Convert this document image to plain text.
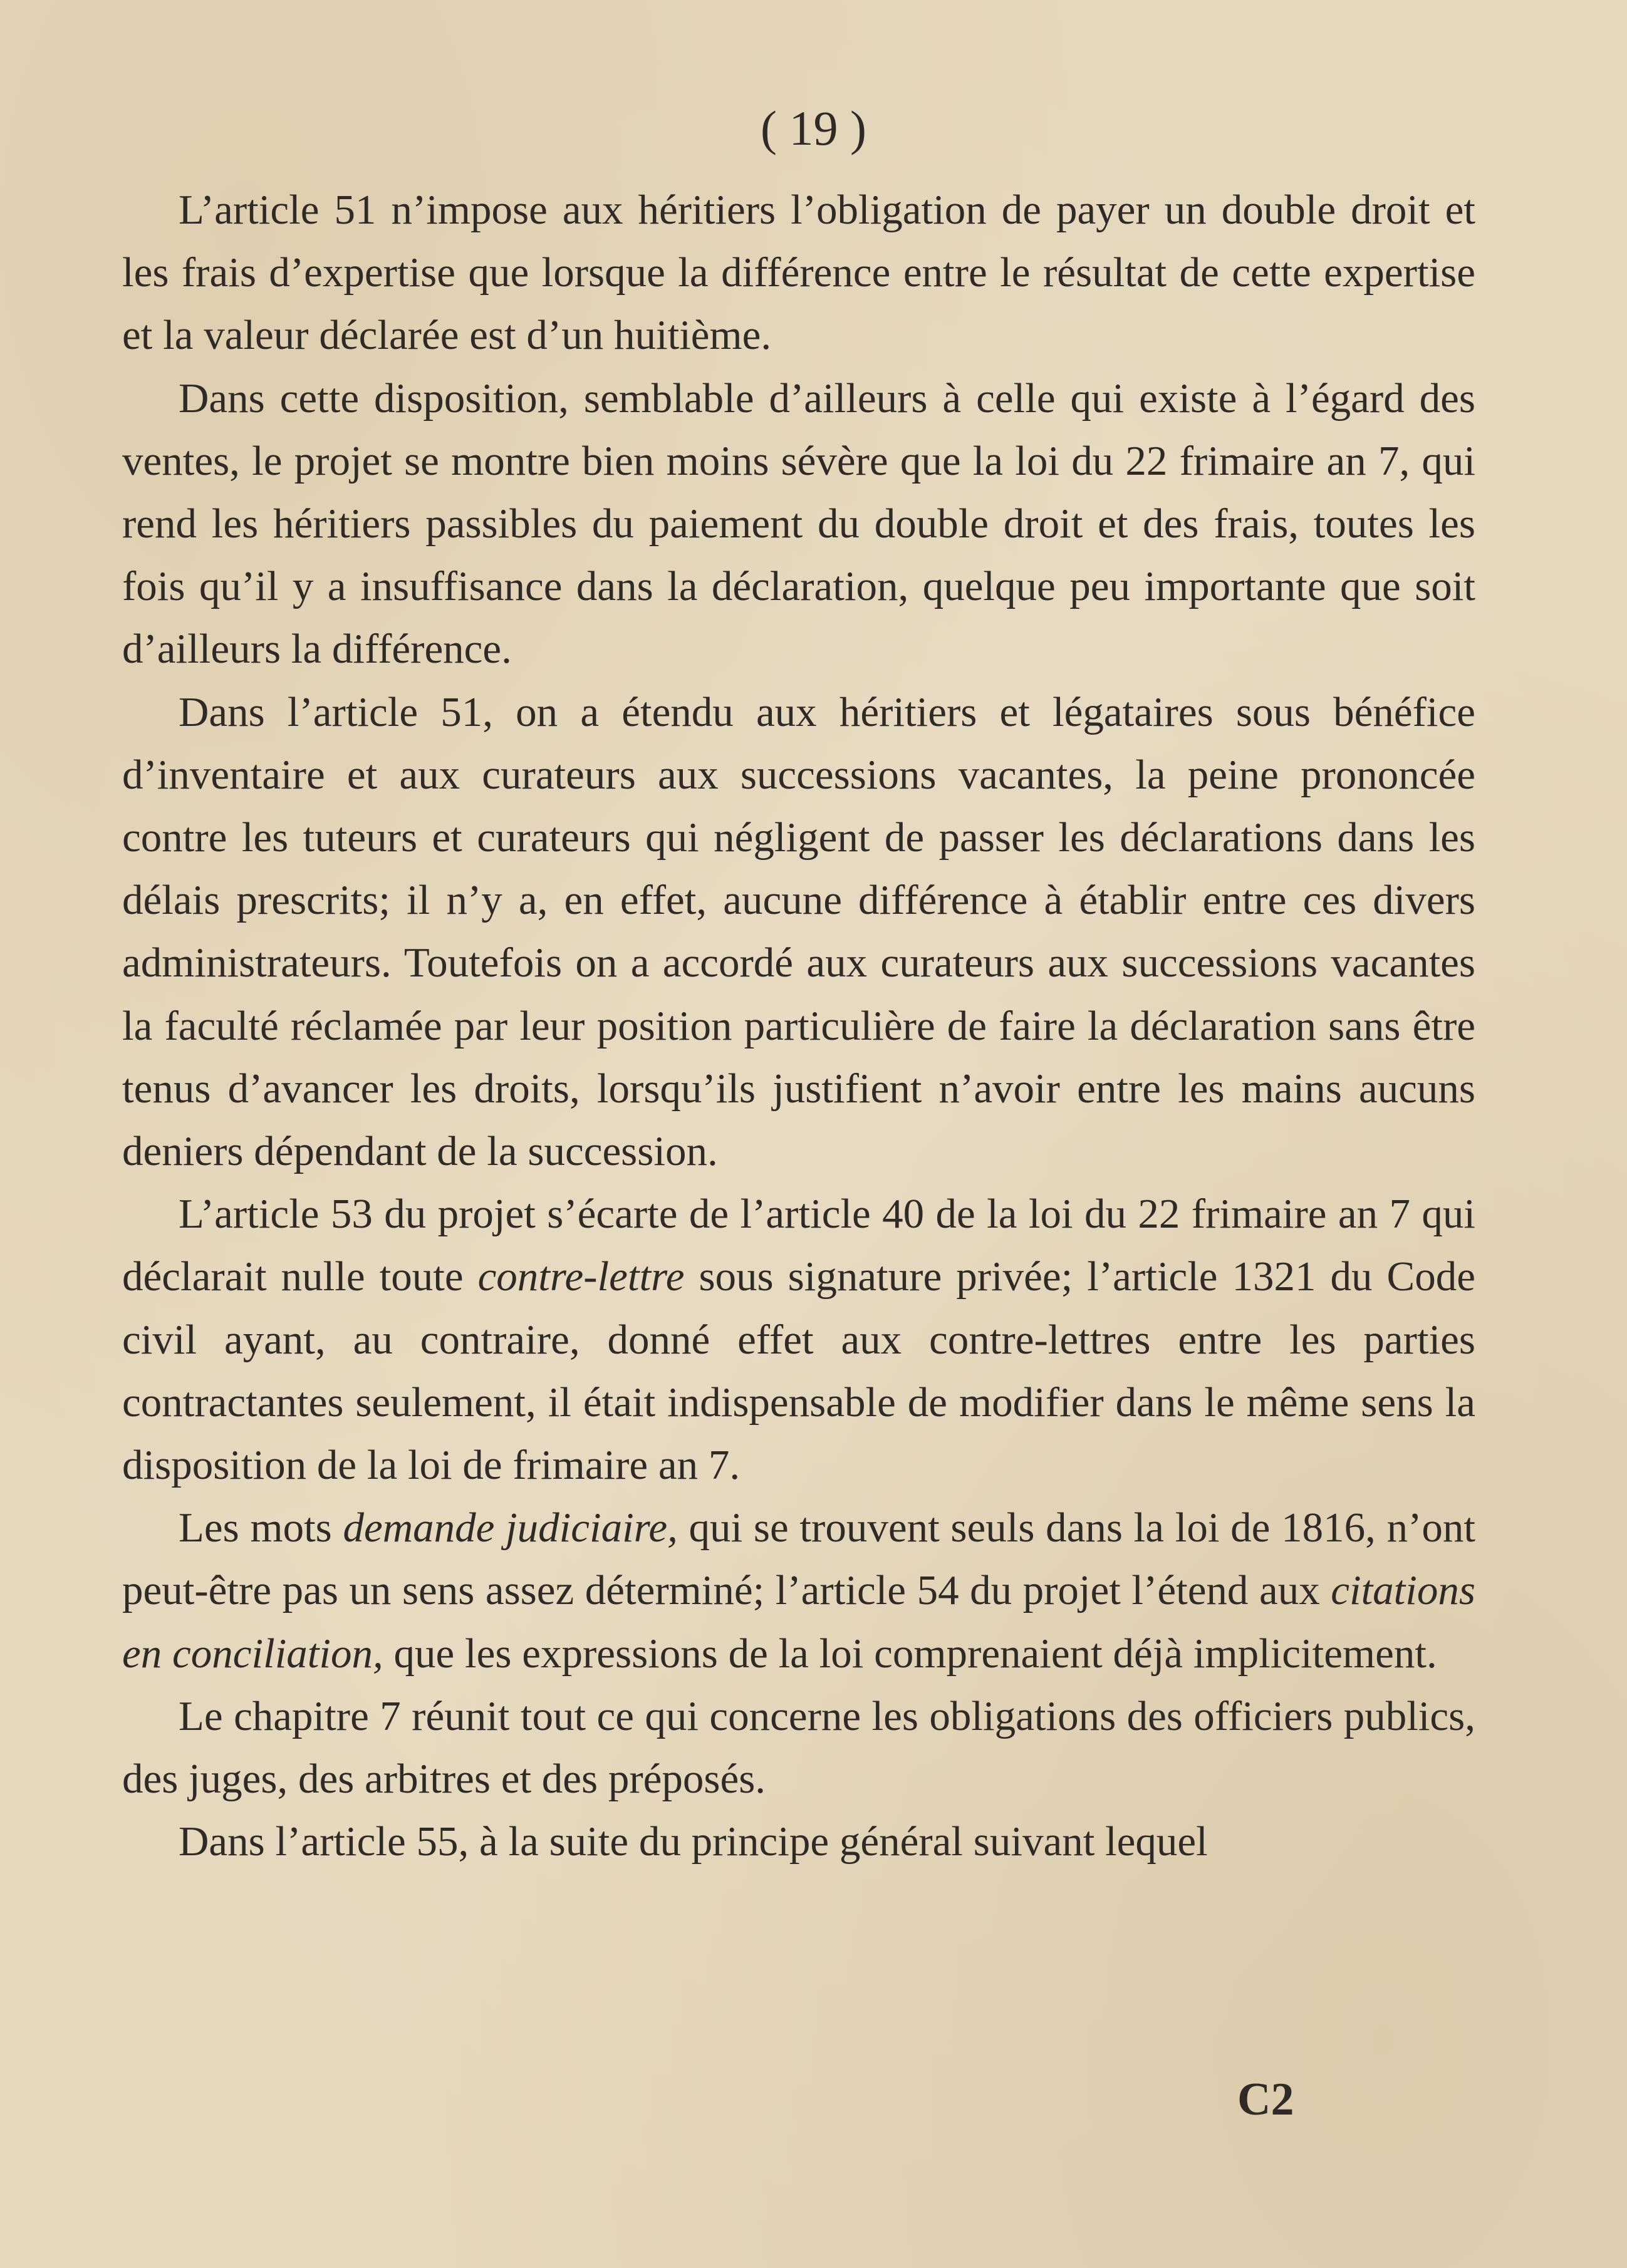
( 19 )

L’article 51 n’impose aux héritiers l’obligation de payer un double droit et les frais d’expertise que lorsque la différence entre le résultat de cette expertise et la valeur déclarée est d’un huitième.

Dans cette disposition, semblable d’ailleurs à celle qui existe à l’égard des ventes, le projet se montre bien moins sévère que la loi du 22 frimaire an 7, qui rend les héritiers passibles du paiement du double droit et des frais, toutes les fois qu’il y a insuffisance dans la déclaration, quelque peu importante que soit d’ailleurs la différence.

Dans l’article 51, on a étendu aux héritiers et légataires sous bénéfice d’inventaire et aux curateurs aux successions vacantes, la peine prononcée contre les tuteurs et curateurs qui négligent de passer les déclarations dans les délais prescrits; il n’y a, en effet, aucune différence à établir entre ces divers administrateurs. Toutefois on a accordé aux curateurs aux successions vacantes la faculté réclamée par leur position particulière de faire la déclaration sans être tenus d’avancer les droits, lorsqu’ils justifient n’avoir entre les mains aucuns deniers dépendant de la succession.

L’article 53 du projet s’écarte de l’article 40 de la loi du 22 frimaire an 7 qui déclarait nulle toute contre-lettre sous signature privée; l’article 1321 du Code civil ayant, au contraire, donné effet aux contre-lettres entre les parties contractantes seulement, il était indispensable de modifier dans le même sens la disposition de la loi de frimaire an 7.

Les mots demande judiciaire, qui se trouvent seuls dans la loi de 1816, n’ont peut-être pas un sens assez déterminé; l’article 54 du projet l’étend aux citations en conciliation, que les expressions de la loi comprenaient déjà implicitement.

Le chapitre 7 réunit tout ce qui concerne les obligations des officiers publics, des juges, des arbitres et des préposés.

Dans l’article 55, à la suite du principe général suivant lequel

C2
